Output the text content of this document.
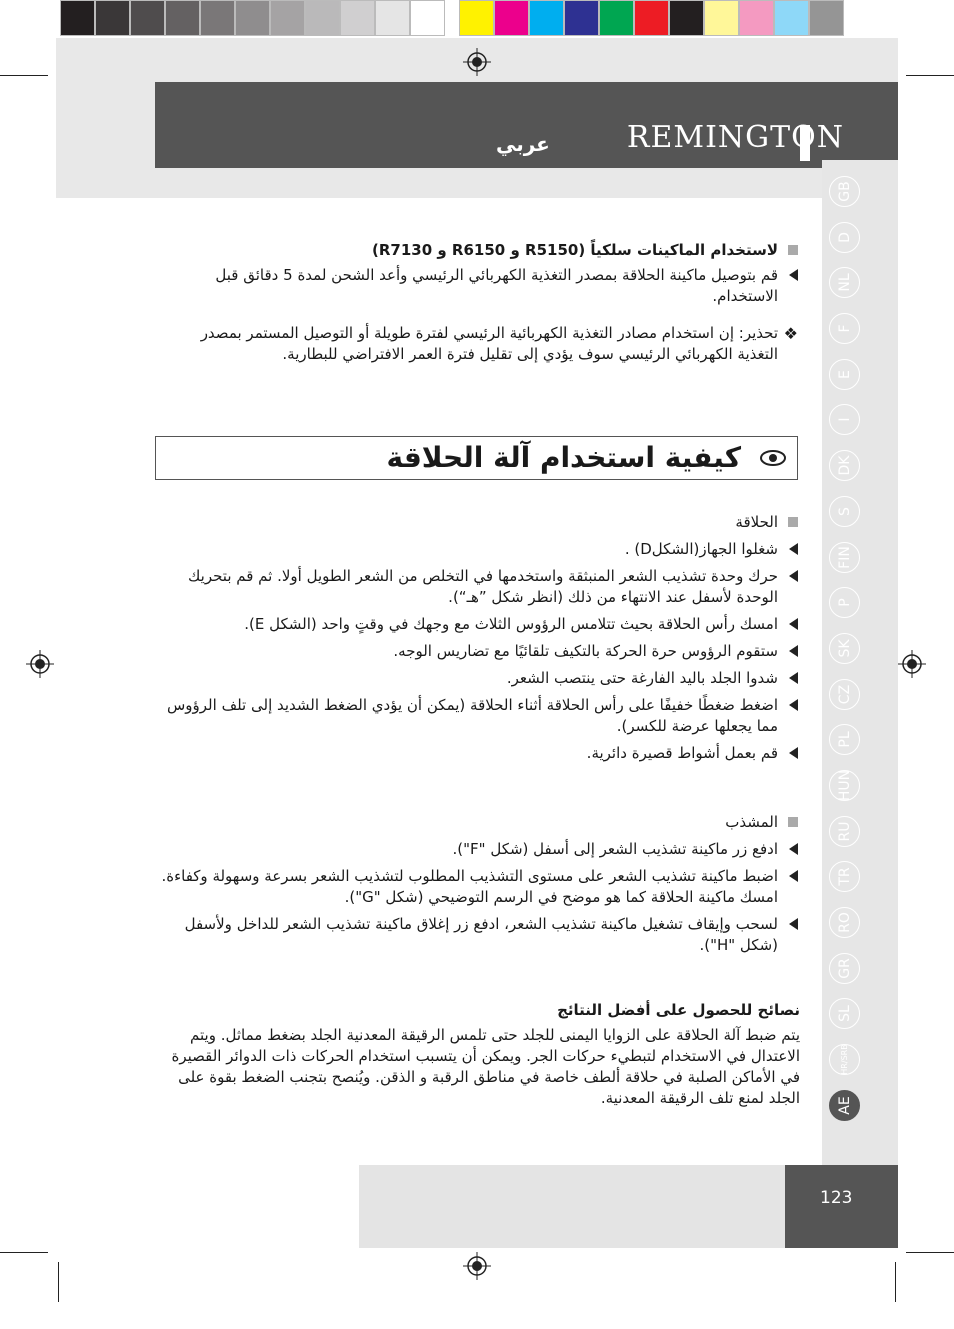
REMINGTON
عربي
123
GB
D
NL
F
E
I
DK
S
FIN
P
SK
CZ
PL
HUN
RU
TR
RO
GR
SL
HR/SRB
AE

لاستخدام الماكينات سلكياً (R5150 و R6150 و R7130)

قم بتوصيل ماكينة الحلاقة بمصدر التغذية الكهربائي الرئيسي وأعد الشحن لمدة 5 دقائق قبل الاستخدام.

❖
تحذير: إن استخدام مصادر التغذية الكهربائية الرئيسي لفترة طويلة أو التوصيل المستمر بمصدر التغذية الكهربائي الرئيسي سوف يؤدي إلى تقليل فترة العمر الافتراضي للبطارية.

كيفية استخدام آلة الحلاقة

الحلاقة

شغلوا الجهاز(الشكلD) .

حرك وحدة تشذيب الشعر المنبثقة واستخدمها في التخلص من الشعر الطويل أولا. ثم قم بتحريك الوحدة لأسفل عند الانتهاء من ذلك (انظر شكل ”هـ“).

امسك رأس الحلاقة بحيث تتلامس الرؤوس الثلاث مع وجهك في وقتٍ واحد (الشكل E).

ستقوم الرؤوس حرة الحركة بالتكيف تلقائيًا مع تضاريس الوجه.

شدوا الجلد باليد الفارغة حتى ينتصب الشعر.

اضغط ضغطًا خفيفًا على رأس الحلاقة أثناء الحلاقة (يمكن أن يؤدي الضغط الشديد إلى تلف الرؤوس مما يجعلها عرضة للكسر).

قم بعمل أشواط قصيرة دائرية.

المشذب

ادفع زر ماكينة تشذيب الشعر إلى أسفل (شكل "F").

اضبط ماكينة تشذيب الشعر على مستوى التشذيب المطلوب لتشذيب الشعر بسرعة وسهولة وكفاءة. امسك ماكينة الحلاقة كما هو موضح في الرسم التوضيحي (شكل "G").

لسحب وإيقاف تشغيل ماكينة تشذيب الشعر، ادفع زر إغلاق ماكينة تشذيب الشعر للداخل ولأسفل (شكل "H").

نصائح للحصول على أفضل النتائج

يتم ضبط آلة الحلاقة على الزوايا اليمنى للجلد حتى تلمس الرقيقة المعدنية الجلد بضغط مماثل. ويتم الاعتدال في الاستخدام لتبطيء حركات الجر. ويمكن أن يتسبب استخدام الحركات ذات الدوائر القصيرة في الأماكن الصلبة في حلاقة ألطف خاصة في مناطق الرقبة و الذقن. ويُنصح بتجنب الضغط بقوة على الجلد لمنع تلف الرقيقة المعدنية.
